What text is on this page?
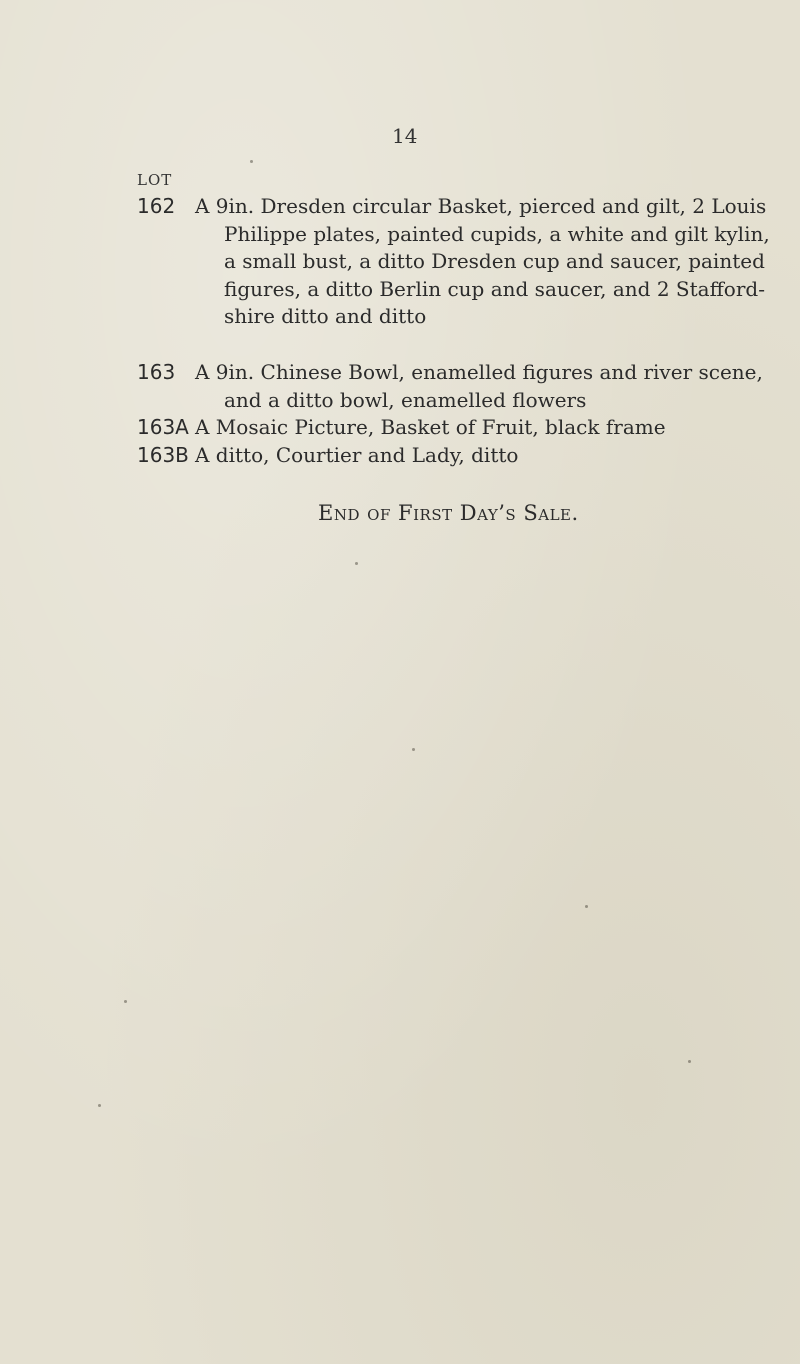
14
LOT
162 A 9in. Dresden circular Basket, pierced and gilt, 2 Louis
Philippe plates, painted cupids, a white and gilt kylin,
a small bust, a ditto Dresden cup and saucer, painted
figures, a ditto Berlin cup and saucer, and 2 Stafford-
shire ditto and ditto
163 A 9in. Chinese Bowl, enamelled figures and river scene,
and a ditto bowl, enamelled flowers
163A A Mosaic Picture, Basket of Fruit, black frame
163B A ditto, Courtier and Lady, ditto
End of First Day’s Sale.
